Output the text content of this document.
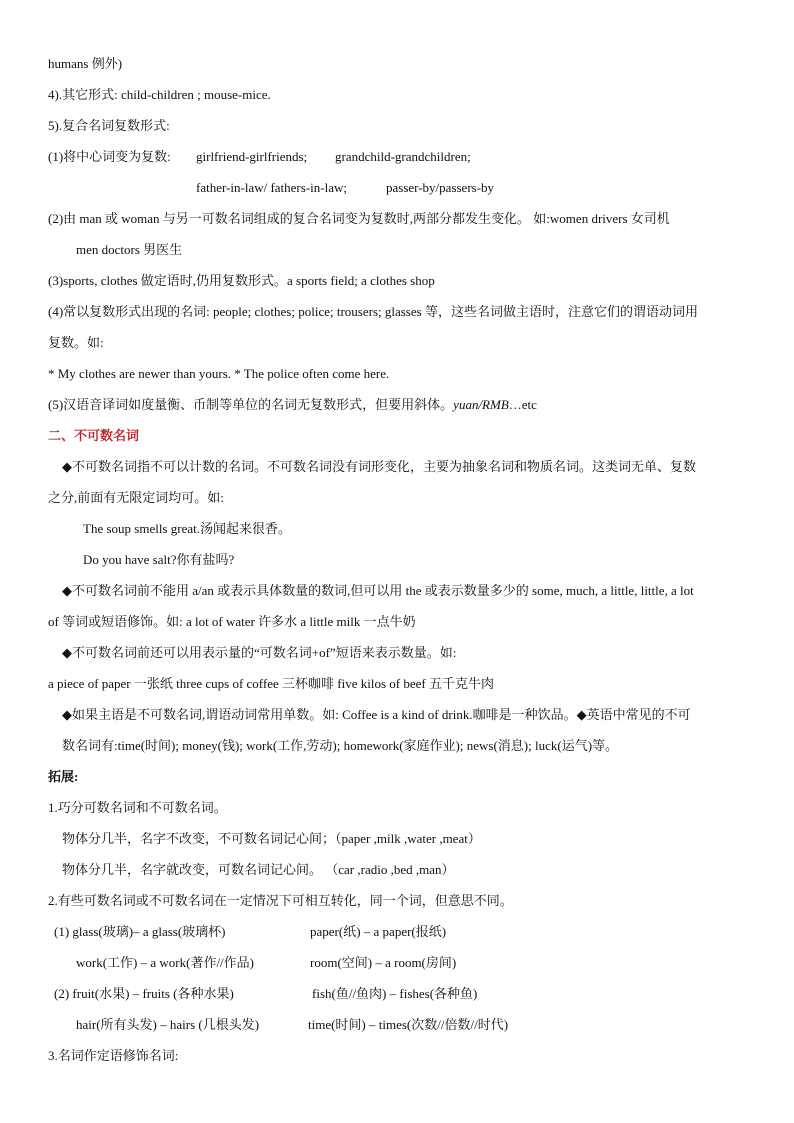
humans 例外)
4).其它形式: child-children ; mouse-mice.
5).复合名词复数形式:
(1)将中心词变为复数: girlfriend-girlfriends; grandchild-grandchildren;
father-in-law/ fathers-in-law;	passer-by/passers-by
(2)由 man 或 woman 与另一可数名词组成的复合名词变为复数时,两部分都发生变化。 如:women drivers 女司机
men doctors 男医生
(3)sports, clothes 做定语时,仍用复数形式。a sports field; a clothes shop
(4)常以复数形式出现的名词: people; clothes; police; trousers; glasses 等，这些名词做主语时，注意它们的谓语动词用
复数。如:
* My clothes are newer than yours. * The police often come here.
(5)汉语音译词如度量衡、币制等单位的名词无复数形式，但要用斜体。yuan/RMB…etc
二、不可数名词
◆不可数名词指不可以计数的名词。不可数名词没有词形变化，主要为抽象名词和物质名词。这类词无单、复数
之分,前面有无限定词均可。如:
The soup smells great.汤闻起来很香。
Do you have salt?你有盐吗?
◆不可数名词前不能用 a/an 或表示具体数量的数词,但可以用 the 或表示数量多少的 some, much, a little, little, a lot
of 等词或短语修饰。如: a lot of water 许多水 a little milk 一点牛奶
◆不可数名词前还可以用表示量的“可数名词+of”短语来表示数量。如:
a piece of paper 一张纸 three cups of coffee 三杯咖啡 five kilos of beef 五千克牛肉
◆如果主语是不可数名词,谓语动词常用单数。如: Coffee is a kind of drink.咖啡是一种饮品。◆英语中常见的不可
数名词有:time(时间); money(钱); work(工作,劳动); homework(家庭作业); news(消息); luck(运气)等。
拓展:
1.巧分可数名词和不可数名词。
物体分几半，名字不改变，不可数名词记心间；（paper ,milk ,water ,meat）
物体分几半，名字就改变，可数名词记心间。 （car ,radio ,bed ,man）
2.有些可数名词或不可数名词在一定情况下可相互转化，同一个词，但意思不同。
(1) glass(玻璃)– a glass(玻璃杯)	paper(纸) – a paper(报纸)
work(工作) – a work(著作//作品)	room(空间) – a room(房间)
(2) fruit(水果) – fruits (各种水果)	fish(鱼//鱼肉) – fishes(各种鱼)
hair(所有头发) – hairs (几根头发)	time(时间) – times(次数//倍数//时代)
3.名词作定语修饰名词:
